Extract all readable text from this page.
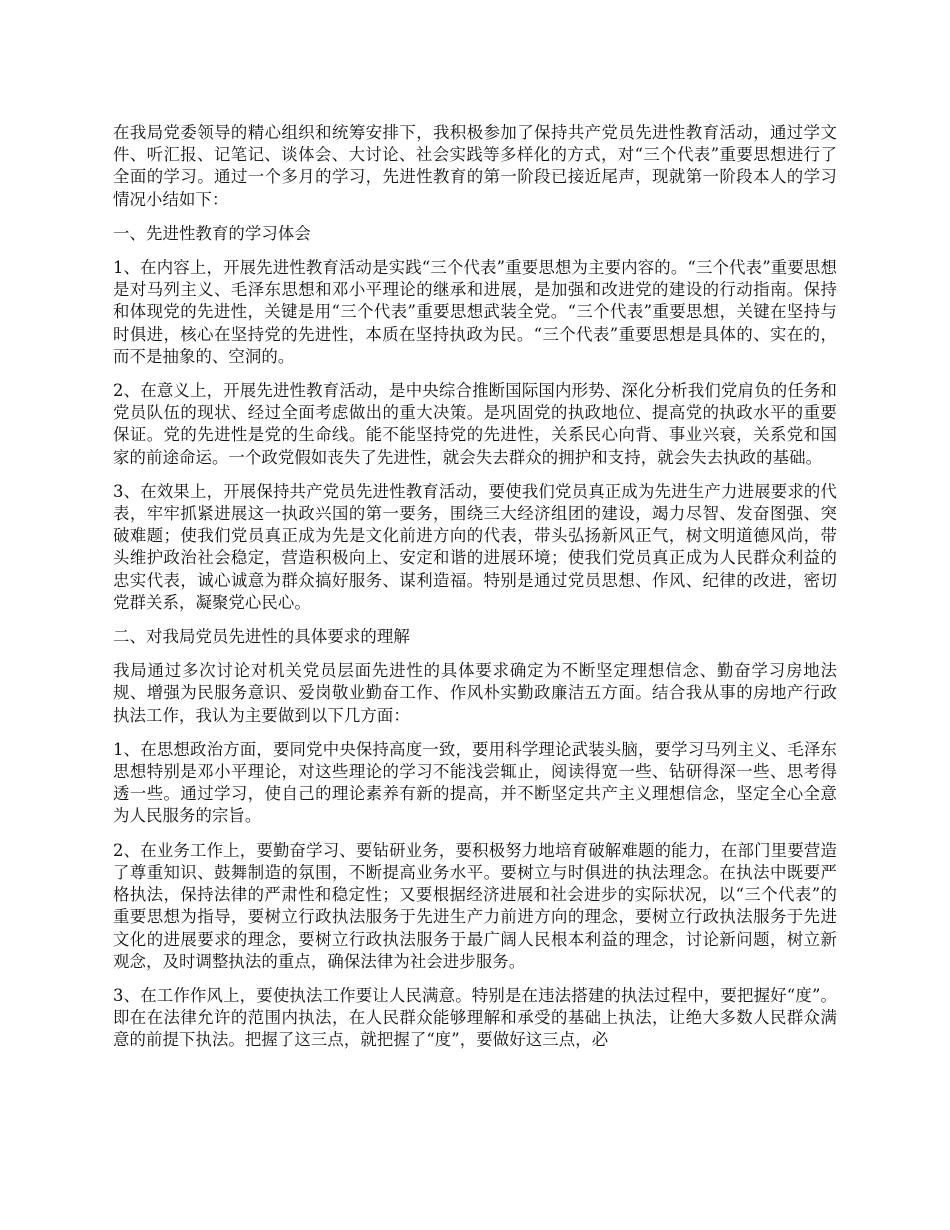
在我局党委领导的精心组织和统筹安排下，我积极参加了保持共产党员先进性教育活动，通过学文件、听汇报、记笔记、谈体会、大讨论、社会实践等多样化的方式，对“三个代表”重要思想进行了全面的学习。通过一个多月的学习，先进性教育的第一阶段已接近尾声，现就第一阶段本人的学习情况小结如下：

一、先进性教育的学习体会

1、在内容上，开展先进性教育活动是实践“三个代表”重要思想为主要内容的。“三个代表”重要思想是对马列主义、毛泽东思想和邓小平理论的继承和进展，是加强和改进党的建设的行动指南。保持和体现党的先进性，关键是用“三个代表”重要思想武装全党。“三个代表”重要思想，关键在坚持与时俱进，核心在坚持党的先进性，本质在坚持执政为民。“三个代表”重要思想是具体的、实在的，而不是抽象的、空洞的。

2、在意义上，开展先进性教育活动，是中央综合推断国际国内形势、深化分析我们党肩负的任务和党员队伍的现状、经过全面考虑做出的重大决策。是巩固党的执政地位、提高党的执政水平的重要保证。党的先进性是党的生命线。能不能坚持党的先进性，关系民心向背、事业兴衰，关系党和国家的前途命运。一个政党假如丧失了先进性，就会失去群众的拥护和支持，就会失去执政的基础。

3、在效果上，开展保持共产党员先进性教育活动，要使我们党员真正成为先进生产力进展要求的代表，牢牢抓紧进展这一执政兴国的第一要务，围绕三大经济组团的建设，竭力尽智、发奋图强、突破难题；使我们党员真正成为先是文化前进方向的代表，带头弘扬新风正气，树文明道德风尚，带头维护政治社会稳定，营造积极向上、安定和谐的进展环境；使我们党员真正成为人民群众利益的忠实代表，诚心诚意为群众搞好服务、谋利造福。特别是通过党员思想、作风、纪律的改进，密切党群关系，凝聚党心民心。

二、对我局党员先进性的具体要求的理解

我局通过多次讨论对机关党员层面先进性的具体要求确定为不断坚定理想信念、勤奋学习房地法规、增强为民服务意识、爱岗敬业勤奋工作、作风朴实勤政廉洁五方面。结合我从事的房地产行政执法工作，我认为主要做到以下几方面：

1、在思想政治方面，要同党中央保持高度一致，要用科学理论武装头脑，要学习马列主义、毛泽东思想特别是邓小平理论，对这些理论的学习不能浅尝辄止，阅读得宽一些、钻研得深一些、思考得透一些。通过学习，使自己的理论素养有新的提高，并不断坚定共产主义理想信念，坚定全心全意为人民服务的宗旨。

2、在业务工作上，要勤奋学习、要钻研业务，要积极努力地培育破解难题的能力，在部门里要营造了尊重知识、鼓舞制造的氛围，不断提高业务水平。要树立与时俱进的执法理念。在执法中既要严格执法，保持法律的严肃性和稳定性；又要根据经济进展和社会进步的实际状况，以“三个代表”的重要思想为指导，要树立行政执法服务于先进生产力前进方向的理念，要树立行政执法服务于先进文化的进展要求的理念，要树立行政执法服务于最广阔人民根本利益的理念，讨论新问题，树立新观念，及时调整执法的重点，确保法律为社会进步服务。

3、在工作作风上，要使执法工作要让人民满意。特别是在违法搭建的执法过程中，要把握好“度”。即在在法律允许的范围内执法，在人民群众能够理解和承受的基础上执法，让绝大多数人民群众满意的前提下执法。把握了这三点，就把握了“度”，要做好这三点，必
